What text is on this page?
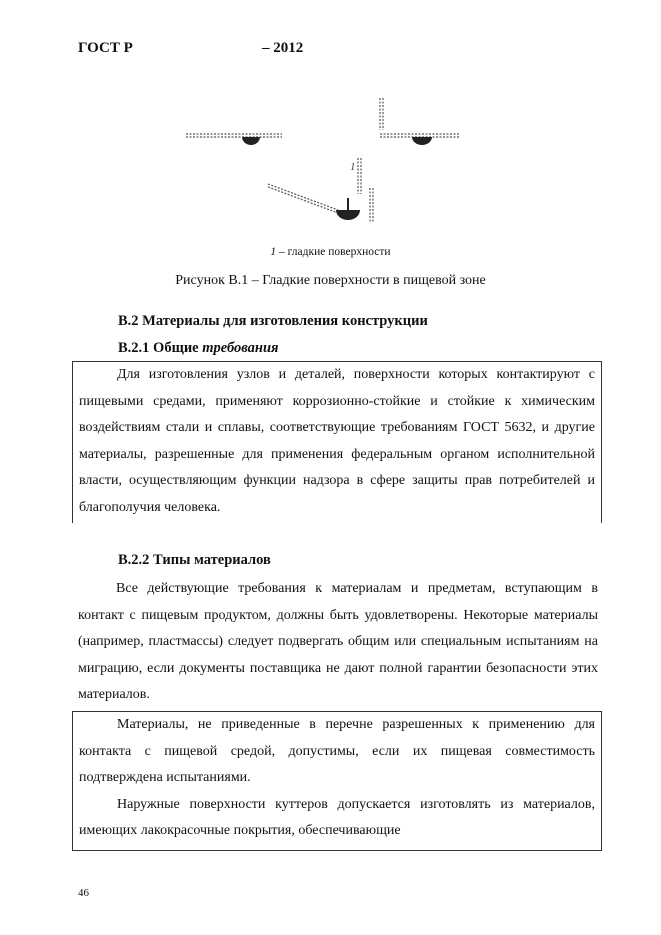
ГОСТ Р	– 2012
1
1 – гладкие поверхности
Рисунок В.1 – Гладкие поверхности в пищевой зоне
В.2 Материалы для изготовления конструкции
В.2.1 Общие требования

Для изготовления узлов и деталей, поверхности которых контактируют с пищевыми средами, применяют коррозионно-стойкие и стойкие к химическим воздействиям стали и сплавы, соответствующие требованиям ГОСТ 5632, и другие материалы, разрешенные для применения федеральным органом исполнительной власти, осуществляющим функции надзора в сфере защиты прав потребителей и благополучия человека.

В.2.2 Типы материалов

Все действующие требования к материалам и предметам, вступающим в контакт с пищевым продуктом, должны быть удовлетворены. Некоторые материалы (например, пластмассы) следует подвергать общим или специальным испытаниям на миграцию, если документы поставщика не дают полной гарантии безопасности этих материалов.

Материалы, не приведенные в перечне разрешенных к применению для контакта с пищевой средой, допустимы, если их пищевая совместимость подтверждена испытаниями.

Наружные поверхности куттеров допускается изготовлять из материалов, имеющих лакокрасочные покрытия, обеспечивающие

46
